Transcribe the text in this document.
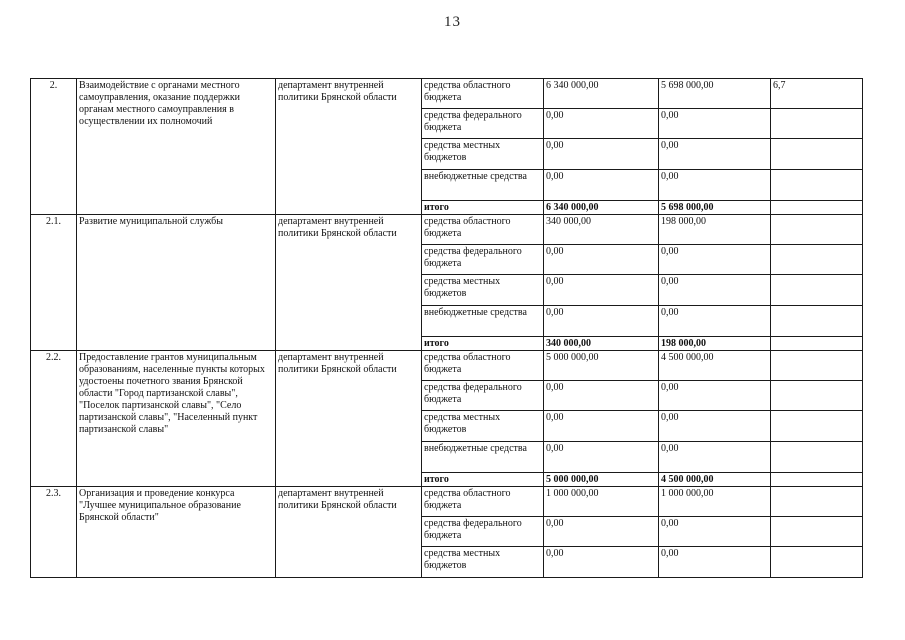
13
2.	Взаимодействие с органами местного самоуправления, оказание поддержки органам местного самоуправления в осуществлении их полномочий	департамент внутренней политики Брянской области	средства областного бюджета	6 340 000,00	5 698 000,00	6,7
			средства федерального бюджета	0,00	0,00	
			средства местных бюджетов	0,00	0,00	
			внебюджетные средства	0,00	0,00	
			итого	6 340 000,00	5 698 000,00	
2.1.	Развитие муниципальной службы	департамент внутренней политики Брянской области	средства областного бюджета	340 000,00	198 000,00	
			средства федерального бюджета	0,00	0,00	
			средства местных бюджетов	0,00	0,00	
			внебюджетные средства	0,00	0,00	
			итого	340 000,00	198 000,00	
2.2.	Предоставление грантов муниципальным образованиям, населенные пункты которых удостоены почетного звания Брянской области "Город партизанской славы", "Поселок партизанской славы", "Село партизанской славы", "Населенный пункт партизанской славы"	департамент внутренней политики Брянской области	средства областного бюджета	5 000 000,00	4 500 000,00	
			средства федерального бюджета	0,00	0,00	
			средства местных бюджетов	0,00	0,00	
			внебюджетные средства	0,00	0,00	
			итого	5 000 000,00	4 500 000,00	
2.3.	Организация и проведение конкурса "Лучшее муниципальное образование Брянской области"	департамент внутренней политики Брянской области	средства областного бюджета	1 000 000,00	1 000 000,00	
			средства федерального бюджета	0,00	0,00	
			средства местных бюджетов	0,00	0,00	
